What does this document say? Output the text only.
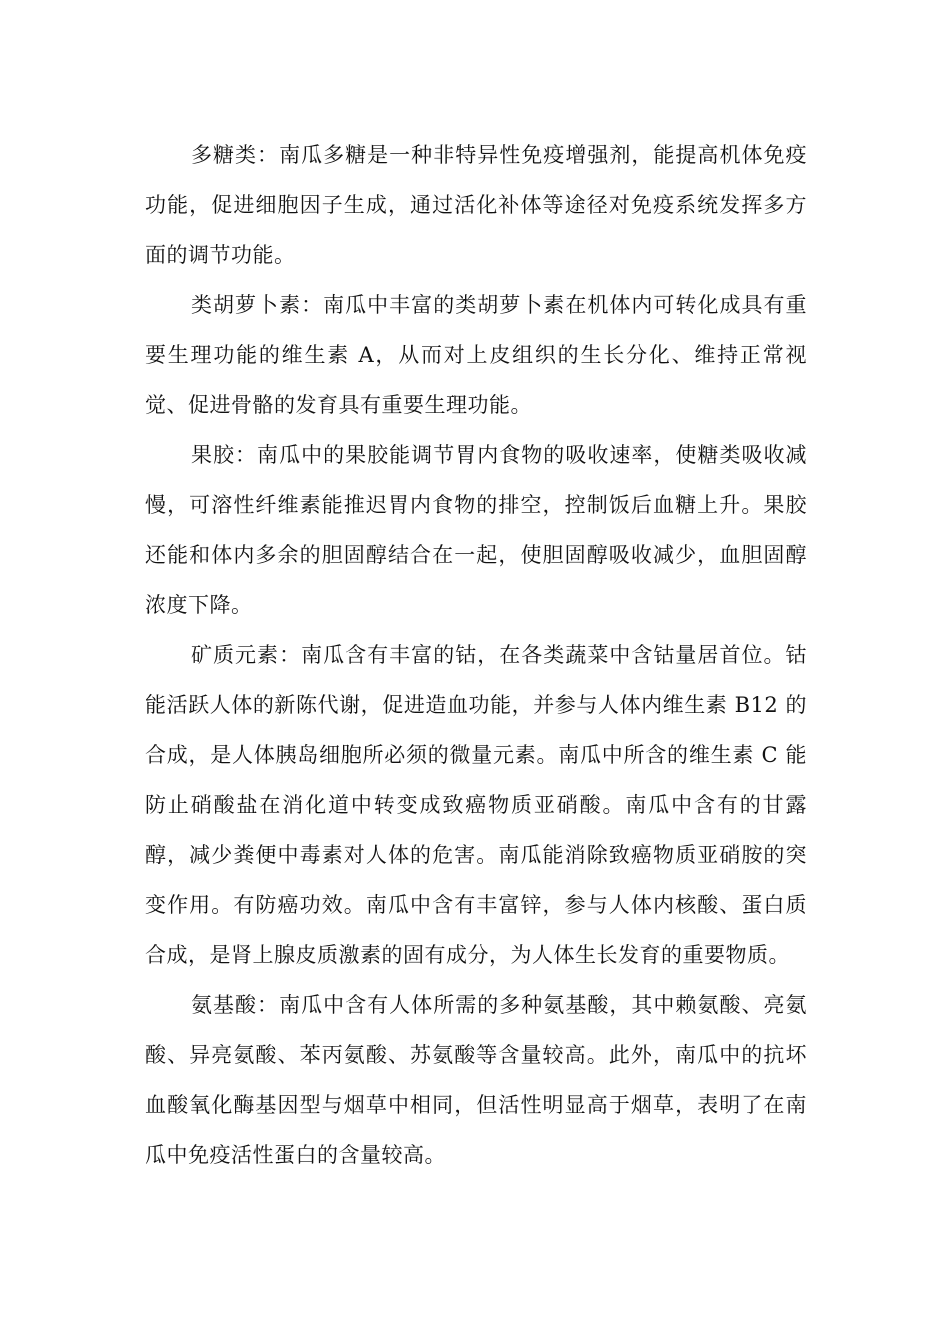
多糖类：南瓜多糖是一种非特异性免疫增强剂，能提高机体免疫功能，促进细胞因子生成，通过活化补体等途径对免疫系统发挥多方面的调节功能。

类胡萝卜素：南瓜中丰富的类胡萝卜素在机体内可转化成具有重要生理功能的维生素 A，从而对上皮组织的生长分化、维持正常视觉、促进骨骼的发育具有重要生理功能。

果胶：南瓜中的果胶能调节胃内食物的吸收速率，使糖类吸收减慢，可溶性纤维素能推迟胃内食物的排空，控制饭后血糖上升。果胶还能和体内多余的胆固醇结合在一起，使胆固醇吸收减少，血胆固醇浓度下降。

矿质元素：南瓜含有丰富的钴，在各类蔬菜中含钴量居首位。钴能活跃人体的新陈代谢，促进造血功能，并参与人体内维生素 B12 的合成，是人体胰岛细胞所必须的微量元素。南瓜中所含的维生素 C 能防止硝酸盐在消化道中转变成致癌物质亚硝酸。南瓜中含有的甘露醇，减少粪便中毒素对人体的危害。南瓜能消除致癌物质亚硝胺的突变作用。有防癌功效。南瓜中含有丰富锌，参与人体内核酸、蛋白质合成，是肾上腺皮质激素的固有成分，为人体生长发育的重要物质。

氨基酸：南瓜中含有人体所需的多种氨基酸，其中赖氨酸、亮氨酸、异亮氨酸、苯丙氨酸、苏氨酸等含量较高。此外，南瓜中的抗坏血酸氧化酶基因型与烟草中相同，但活性明显高于烟草，表明了在南瓜中免疫活性蛋白的含量较高。
